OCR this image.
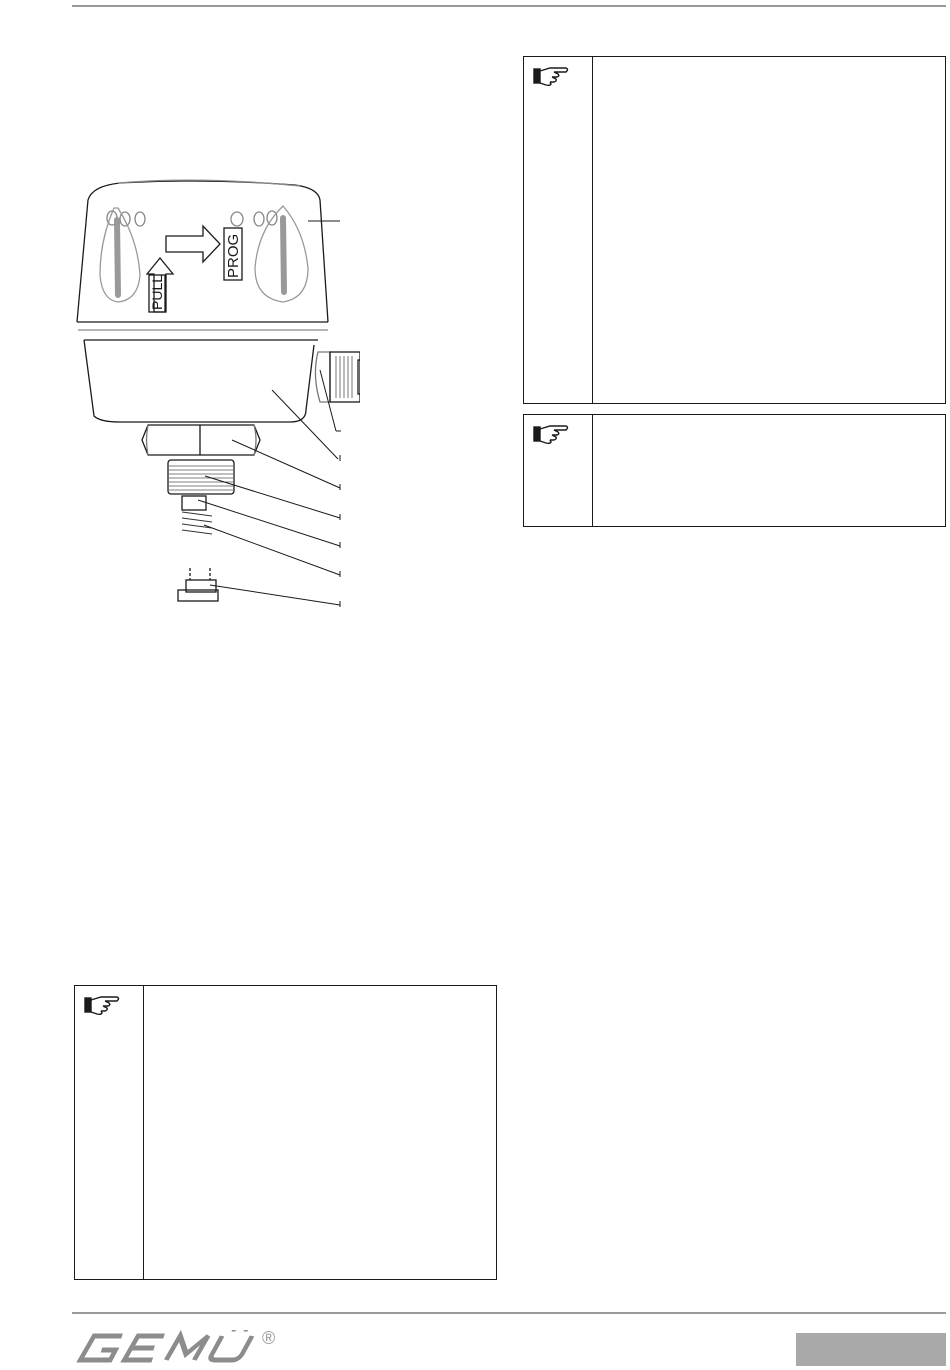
PROG
PULL
®
